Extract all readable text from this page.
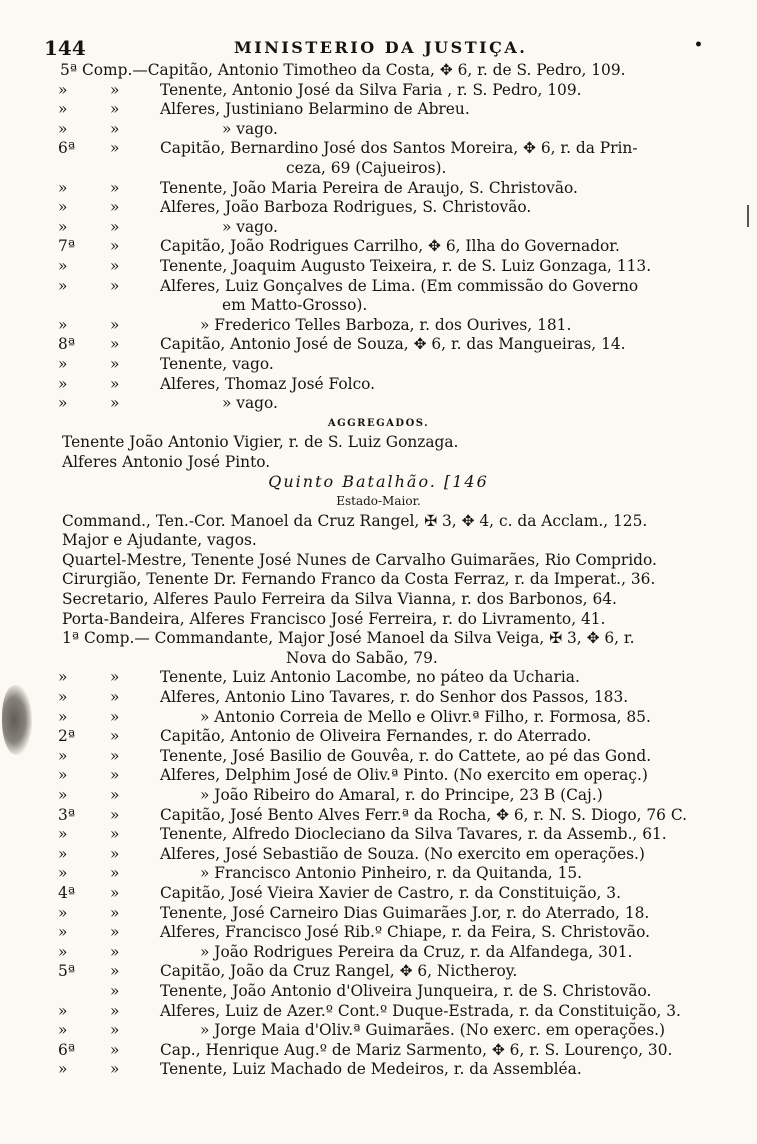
144	MINISTERIO DA JUSTIÇA.	•
5ª Comp.—Capitão, Antonio Timotheo da Costa, ✥ 6, r. de S. Pedro, 109.
»	»	Tenente, Antonio José da Silva Faria , r. S. Pedro, 109.
»	»	Alferes, Justiniano Belarmino de Abreu.
»	»	» vago.
6ª »	Capitão, Bernardino José dos Santos Moreira, ✥ 6, r. da Prin-
ceza, 69 (Cajueiros).
»	»	Tenente, João Maria Pereira de Araujo, S. Christovão.
»	»	Alferes, João Barboza Rodrigues, S. Christovão.
»	»	» vago.
7ª »	Capitão, João Rodrigues Carrilho, ✥ 6, Ilha do Governador.
»	»	Tenente, Joaquim Augusto Teixeira, r. de S. Luiz Gonzaga, 113.
»	»	Alferes, Luiz Gonçalves de Lima. (Em commissão do Governo
em Matto-Grosso).
»	»	» Frederico Telles Barboza, r. dos Ourives, 181.
8ª »	Capitão, Antonio José de Souza, ✥ 6, r. das Mangueiras, 14.
»	»	Tenente, vago.
»	»	Alferes, Thomaz José Folco.
»	»	» vago.
AGGREGADOS.
Tenente João Antonio Vigier, r. de S. Luiz Gonzaga.
Alferes Antonio José Pinto.
Quinto Batalhão. [146
Estado-Maior.
Command., Ten.-Cor. Manoel da Cruz Rangel, ✠ 3, ✥ 4, c. da Acclam., 125.
Major e Ajudante, vagos.
Quartel-Mestre, Tenente José Nunes de Carvalho Guimarães, Rio Comprido.
Cirurgião, Tenente Dr. Fernando Franco da Costa Ferraz, r. da Imperat., 36.
Secretario, Alferes Paulo Ferreira da Silva Vianna, r. dos Barbonos, 64.
Porta-Bandeira, Alferes Francisco José Ferreira, r. do Livramento, 41.
1ª Comp.— Commandante, Major José Manoel da Silva Veiga, ✠ 3, ✥ 6, r.
Nova do Sabão, 79.
»	»	Tenente, Luiz Antonio Lacombe, no páteo da Ucharia.
»	»	Alferes, Antonio Lino Tavares, r. do Senhor dos Passos, 183.
»	»	» Antonio Correia de Mello e Olivr.ª Filho, r. Formosa, 85.
2ª »	Capitão, Antonio de Oliveira Fernandes, r. do Aterrado.
»	»	Tenente, José Basilio de Gouvêa, r. do Cattete, ao pé das Gond.
»	»	Alferes, Delphim José de Oliv.ª Pinto. (No exercito em operaç.)
»	»	» João Ribeiro do Amaral, r. do Principe, 23 B (Caj.)
3ª »	Capitão, José Bento Alves Ferr.ª da Rocha, ✥ 6, r. N. S. Diogo, 76 C.
»	»	Tenente, Alfredo Diocleciano da Silva Tavares, r. da Assemb., 61.
»	»	Alferes, José Sebastião de Souza. (No exercito em operações.)
»	»	» Francisco Antonio Pinheiro, r. da Quitanda, 15.
4ª »	Capitão, José Vieira Xavier de Castro, r. da Constituição, 3.
»	»	Tenente, José Carneiro Dias Guimarães J.or, r. do Aterrado, 18.
»	»	Alferes, Francisco José Rib.º Chiape, r. da Feira, S. Christovão.
»	»	» João Rodrigues Pereira da Cruz, r. da Alfandega, 301.
5ª »	Capitão, João da Cruz Rangel, ✥ 6, Nictheroy.
»	Tenente, João Antonio d'Oliveira Junqueira, r. de S. Christovão.
»	»	Alferes, Luiz de Azer.º Cont.º Duque-Estrada, r. da Constituição, 3.
»	»	» Jorge Maia d'Oliv.ª Guimarães. (No exerc. em operações.)
6ª »	Cap., Henrique Aug.º de Mariz Sarmento, ✥ 6, r. S. Lourenço, 30.
»	»	Tenente, Luiz Machado de Medeiros, r. da Assembléa.
